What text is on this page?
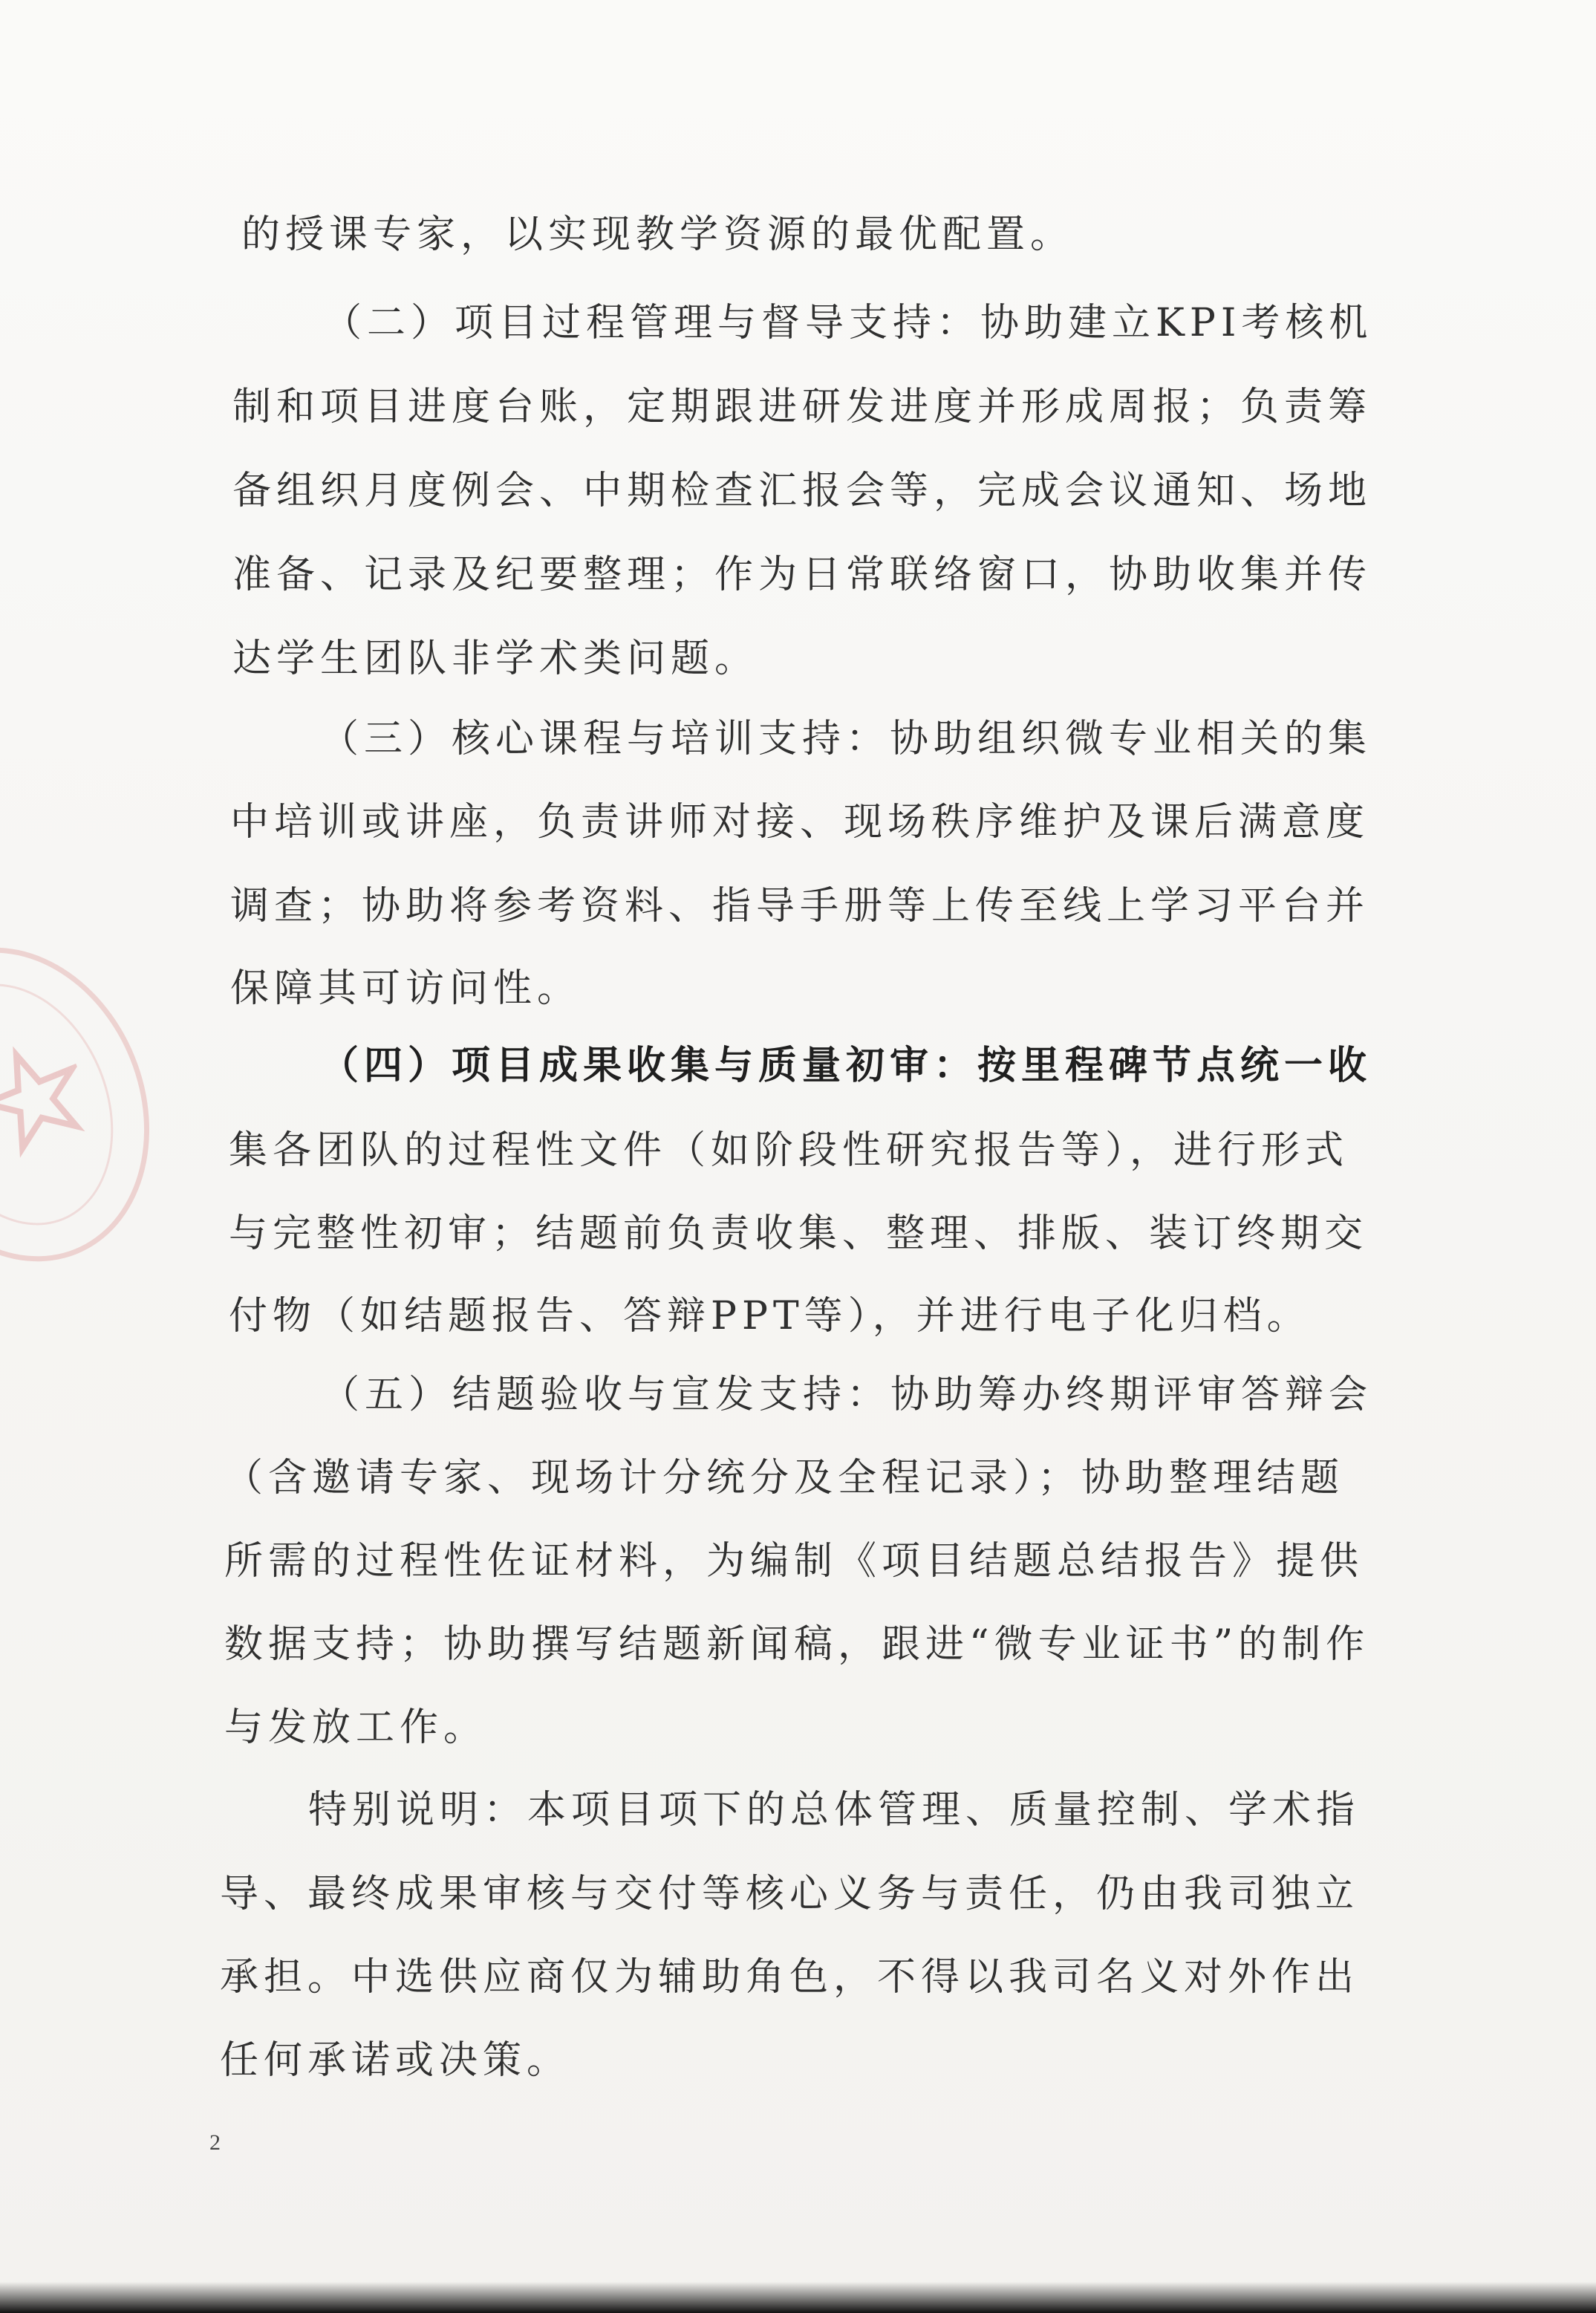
的授课专家，以实现教学资源的最优配置。
（二）项目过程管理与督导支持：协助建立KPI考核机
制和项目进度台账，定期跟进研发进度并形成周报；负责筹
备组织月度例会、中期检查汇报会等，完成会议通知、场地
准备、记录及纪要整理；作为日常联络窗口，协助收集并传
达学生团队非学术类问题。
（三）核心课程与培训支持：协助组织微专业相关的集
中培训或讲座，负责讲师对接、现场秩序维护及课后满意度
调查；协助将参考资料、指导手册等上传至线上学习平台并
保障其可访问性。
（四）项目成果收集与质量初审：按里程碑节点统一收
集各团队的过程性文件（如阶段性研究报告等），进行形式
与完整性初审；结题前负责收集、整理、排版、装订终期交
付物（如结题报告、答辩PPT等），并进行电子化归档。
（五）结题验收与宣发支持：协助筹办终期评审答辩会
（含邀请专家、现场计分统分及全程记录）；协助整理结题
所需的过程性佐证材料，为编制《项目结题总结报告》提供
数据支持；协助撰写结题新闻稿，跟进“微专业证书”的制作
与发放工作。
特别说明：本项目项下的总体管理、质量控制、学术指
导、最终成果审核与交付等核心义务与责任，仍由我司独立
承担。中选供应商仅为辅助角色，不得以我司名义对外作出
任何承诺或决策。
2
